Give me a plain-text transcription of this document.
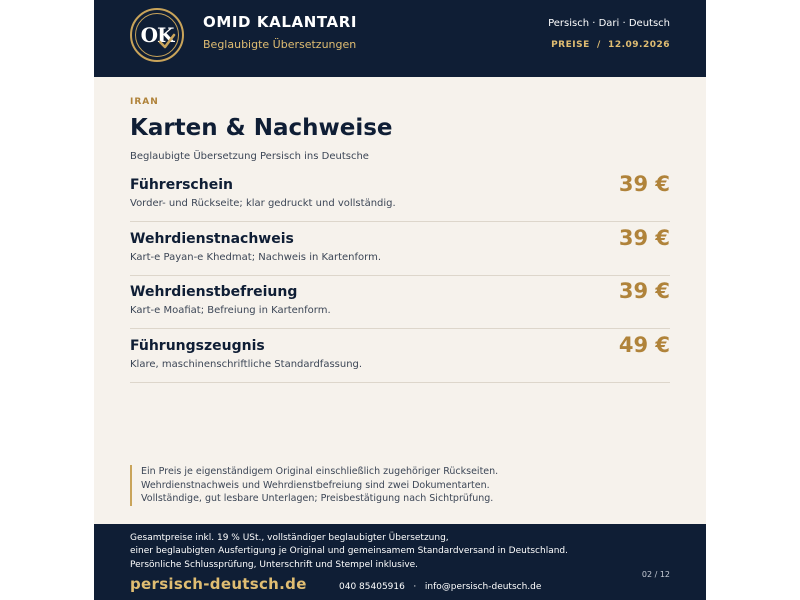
OK
OMID KALANTARI
Beglaubigte Übersetzungen
Persisch · Dari · Deutsch
PREISE  /  12.09.2026
IRAN
Karten & Nachweise
Beglaubigte Übersetzung Persisch ins Deutsche
Führerschein	39 €
Vorder- und Rückseite; klar gedruckt und vollständig.
Wehrdienstnachweis	39 €
Kart-e Payan-e Khedmat; Nachweis in Kartenform.
Wehrdienstbefreiung	39 €
Kart-e Moafiat; Befreiung in Kartenform.
Führungszeugnis	49 €
Klare, maschinenschriftliche Standardfassung.
Ein Preis je eigenständigem Original einschließlich zugehöriger Rückseiten.
Wehrdienstnachweis und Wehrdienstbefreiung sind zwei Dokumentarten.
Vollständige, gut lesbare Unterlagen; Preisbestätigung nach Sichtprüfung.
Gesamtpreise inkl. 19 % USt., vollständiger beglaubigter Übersetzung,
einer beglaubigten Ausfertigung je Original und gemeinsamem Standardversand in Deutschland.
Persönliche Schlussprüfung, Unterschrift und Stempel inklusive.
persisch-deutsch.de	040 85405916   ·   info@persisch-deutsch.de
02 / 12
